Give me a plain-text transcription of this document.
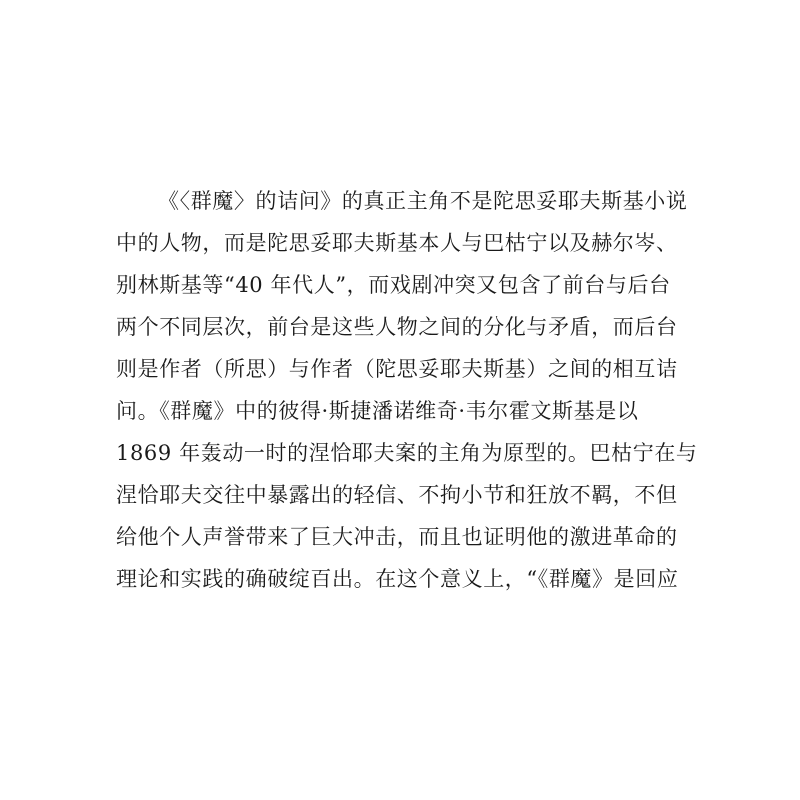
《〈群魔〉的诘问》的真正主角不是陀思妥耶夫斯基小说
中的人物，而是陀思妥耶夫斯基本人与巴枯宁以及赫尔岑、
别林斯基等“40 年代人”，而戏剧冲突又包含了前台与后台
两个不同层次，前台是这些人物之间的分化与矛盾，而后台
则是作者（所思）与作者（陀思妥耶夫斯基）之间的相互诘
问。《群魔》中的彼得·斯捷潘诺维奇·韦尔霍文斯基是以
1869 年轰动一时的涅恰耶夫案的主角为原型的。巴枯宁在与
涅恰耶夫交往中暴露出的轻信、不拘小节和狂放不羁，不但
给他个人声誉带来了巨大冲击，而且也证明他的激进革命的
理论和实践的确破绽百出。在这个意义上，“《群魔》是回应
